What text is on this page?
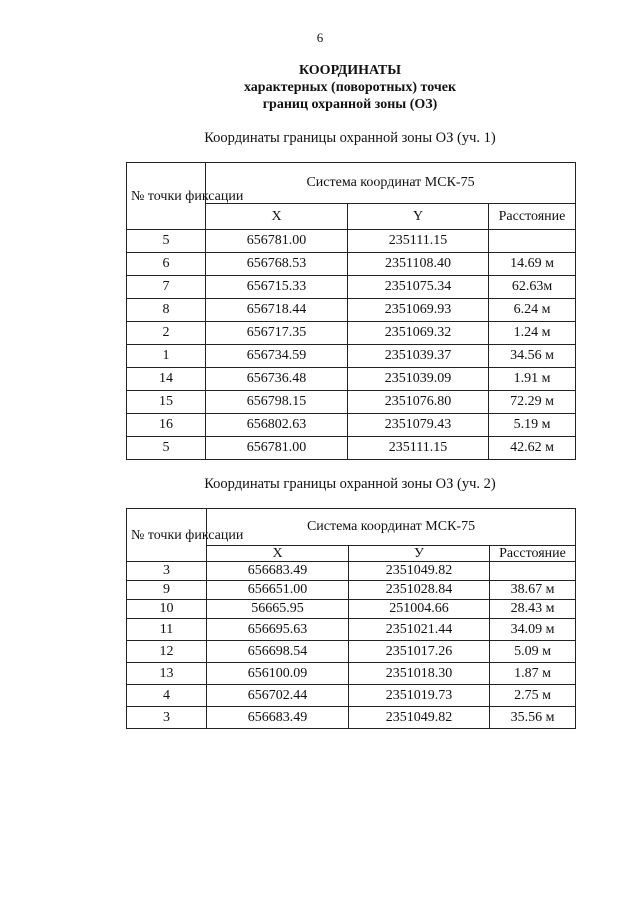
6
КООРДИНАТЫ
характерных (поворотных) точек
границ охранной зоны (ОЗ)
Координаты границы охранной зоны ОЗ (уч. 1)
№ точки фиксации	Система координат МСК-75		
	X	Y	Расстояние
5	656781.00	235111.15	
6	656768.53	2351108.40	14.69 м
7	656715.33	2351075.34	62.63м
8	656718.44	2351069.93	6.24 м
2	656717.35	2351069.32	1.24 м
1	656734.59	2351039.37	34.56 м
14	656736.48	2351039.09	1.91 м
15	656798.15	2351076.80	72.29 м
16	656802.63	2351079.43	5.19 м
5	656781.00	235111.15	42.62 м
Координаты границы охранной зоны ОЗ (уч. 2)
№ точки фиксации	Система координат МСК-75		
	X	У	Расстояние
3	656683.49	2351049.82	
9	656651.00	2351028.84	38.67 м
10	56665.95	251004.66	28.43 м
11	656695.63	2351021.44	34.09 м
12	656698.54	2351017.26	5.09 м
13	656100.09	2351018.30	1.87 м
4	656702.44	2351019.73	2.75 м
3	656683.49	2351049.82	35.56 м
